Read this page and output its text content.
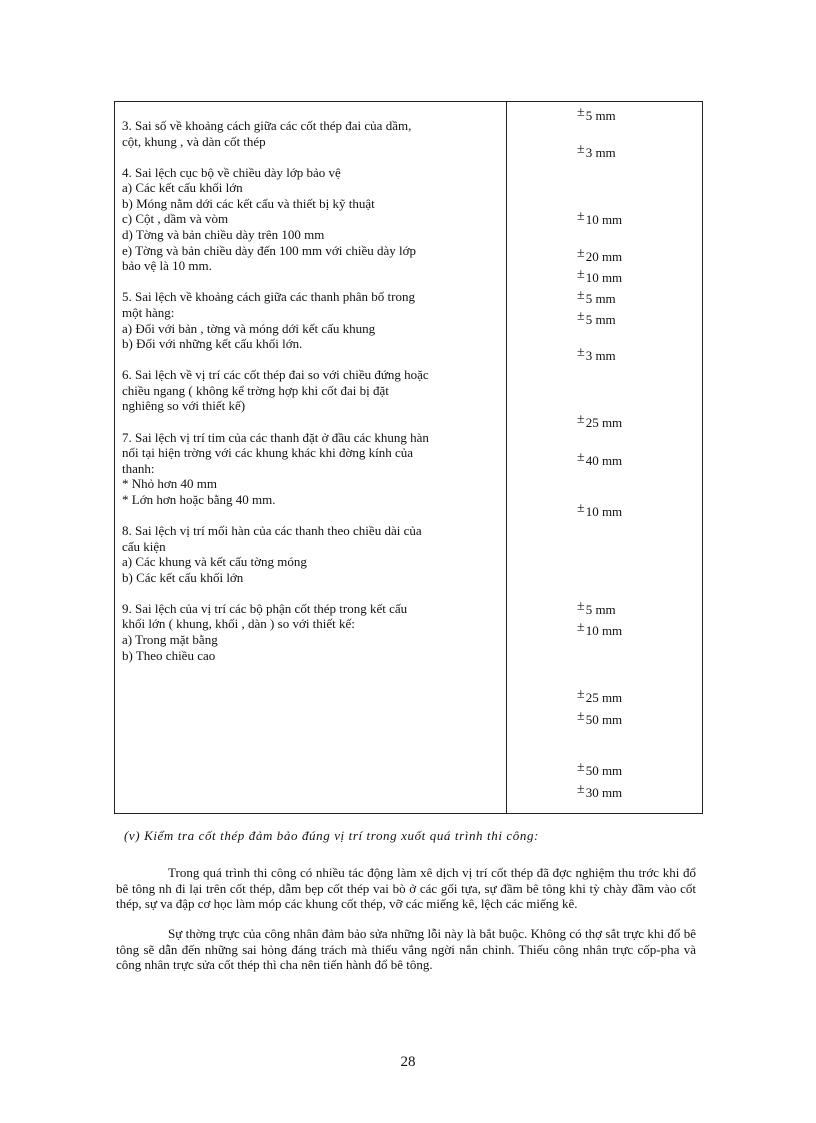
3. Sai số về khoảng cách giữa các cốt thép đai của dầm,
cột, khung , và dàn cốt thép
4. Sai lệch cục bộ về chiều dày lớp bảo vệ
a) Các kết cấu khối lớn
b) Móng nằm dới các kết cấu và thiết bị kỹ thuật
c) Cột , dầm và vòm
d) Tờng và bản chiều dày trên 100 mm
e) Tờng và bản chiều dày đến 100 mm với chiều dày lớp
bảo vệ là 10 mm.
5. Sai lệch về khoảng cách giữa các thanh phân bố trong
một hàng:
a) Đối với bản , tờng và móng dới kết cấu khung
b) Đối với những kết cấu khối lớn.
6. Sai lệch về vị trí các cốt thép đai so với chiều đứng hoặc
chiều ngang ( không kể trờng hợp khi cốt đai bị đặt
nghiêng so với thiết kế)
7. Sai lệch vị trí tim của các thanh đặt ở đầu các khung hàn
nối tại hiện trờng với các khung khác khi đờng kính của
thanh:
* Nhỏ hơn 40 mm
* Lớn hơn hoặc bằng 40 mm.
8. Sai lệch vị trí mối hàn của các thanh theo chiều dài của
cấu kiện
a) Các khung và kết cấu tờng móng
b) Các kết cấu khối lớn
9. Sai lệch của vị trí các bộ phận cốt thép trong kết cấu
khối lớn ( khung, khối , dàn ) so với thiết kế:
a) Trong mặt bằng
b) Theo chiều cao
±5 mm
±3 mm
±10 mm
±20 mm
±10 mm
±5 mm
±5 mm
±3 mm
±25 mm
±40 mm
±10 mm
±5 mm
±10 mm
±25 mm
±50 mm
±50 mm
±30 mm
(v) Kiểm tra cốt thép đảm bảo đúng vị trí trong xuốt quá trình thi công:
Trong quá trình thi công có nhiều tác động làm xê dịch vị trí cốt thép đã đợc nghiệm thu trớc khi đổ bê tông nh đi lại trên cốt thép, dẫm bẹp cốt thép vai bò ở các gối tựa, sự đầm bê tông khi tỳ chày đầm vào cốt thép, sự va đập cơ học làm móp các khung cốt thép, vỡ các miếng kê, lệch các miếng kê.
Sự thờng trực của công nhân đảm bảo sửa những lỗi này là bắt buộc. Không có thợ sắt trực khi đổ bê tông sẽ dẫn đến những sai hỏng đáng trách mà thiếu vắng ngời nắn chỉnh. Thiếu công nhân trực cốp-pha và công nhân trực sửa cốt thép thì cha nên tiến hành đổ bê tông.
28
